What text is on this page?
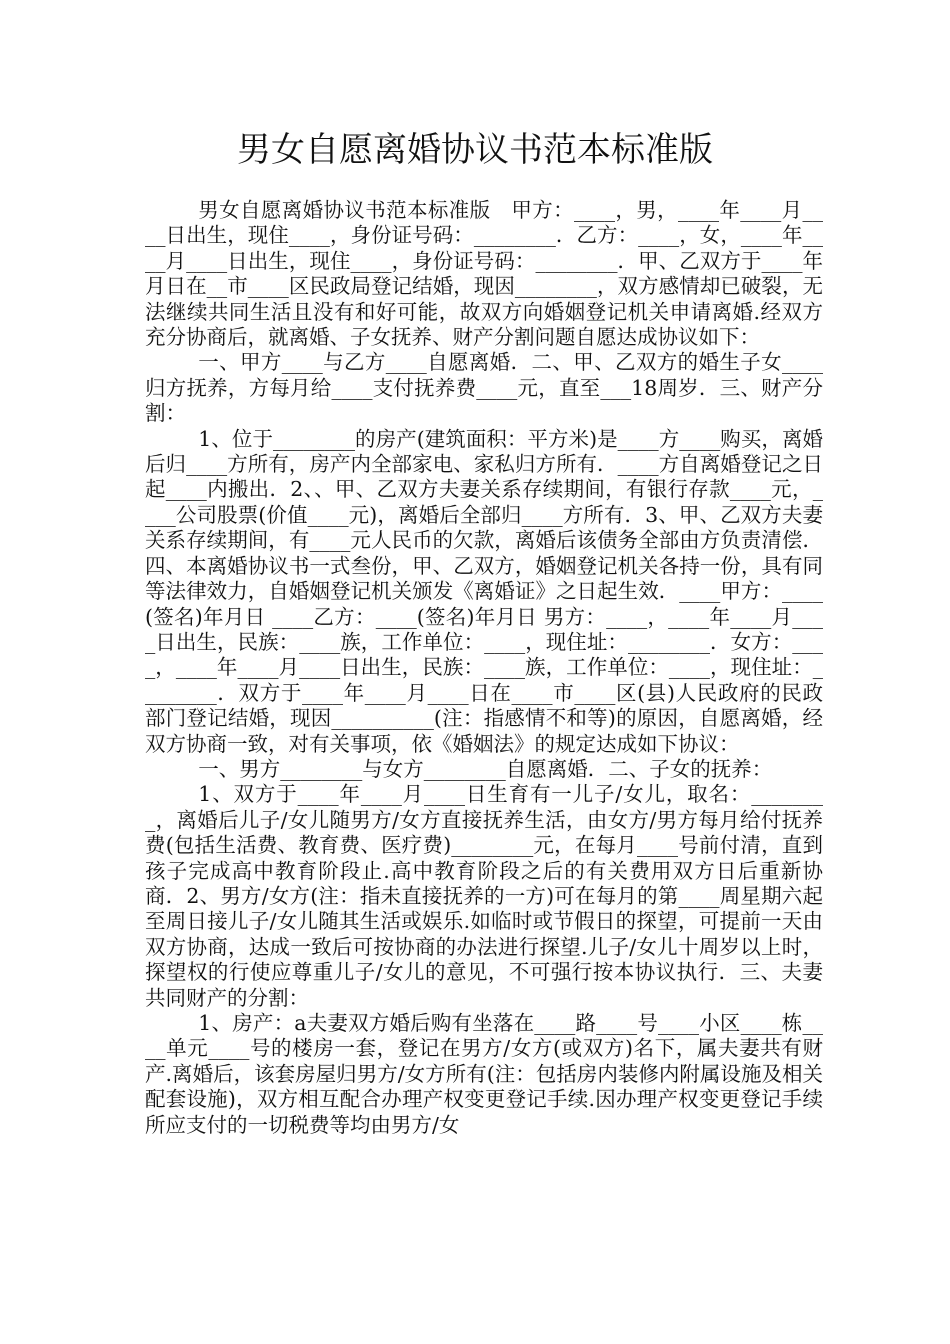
男女自愿离婚协议书范本标准版

男女自愿离婚协议书范本标准版　甲方：____，男，____年____月____日出生，现住____，身份证号码：________．乙方：____，女，____年____月____日出生，现住____，身份证号码：________．甲、乙双方于____年月日在__市____区民政局登记结婚，现因________，双方感情却已破裂，无法继续共同生活且没有和好可能，故双方向婚姻登记机关申请离婚.经双方充分协商后，就离婚、子女抚养、财产分割问题自愿达成协议如下：

一、甲方____与乙方____自愿离婚．二、甲、乙双方的婚生子女____归方抚养，方每月给____支付抚养费____元，直至___18周岁．三、财产分割：

1、位于________的房产(建筑面积：平方米)是____方____购买，离婚后归____方所有，房产内全部家电、家私归方所有．____方自离婚登记之日起____内搬出．2、、甲、乙双方夫妻关系存续期间，有银行存款____元，____公司股票(价值____元)，离婚后全部归____方所有．3、甲、乙双方夫妻关系存续期间，有____元人民币的欠款，离婚后该债务全部由方负责清偿．四、本离婚协议书一式叁份，甲、乙双方，婚姻登记机关各持一份，具有同等法律效力，自婚姻登记机关颁发《离婚证》之日起生效．____甲方：____(签名)年月日 ____乙方：____(签名)年月日 男方：____，____年____月____日出生，民族：____族，工作单位：____，现住址：________．女方：____，____年____月____日出生，民族：____族，工作单位：____，现住址：________．双方于____年____月____日在____市____区(县)人民政府的民政部门登记结婚，现因__________(注：指感情不和等)的原因，自愿离婚，经双方协商一致，对有关事项，依《婚姻法》的规定达成如下协议：

一、男方________与女方________自愿离婚．二、子女的抚养：

1、双方于____年____月____日生育有一儿子/女儿，取名：________，离婚后儿子/女儿随男方/女方直接抚养生活，由女方/男方每月给付抚养费(包括生活费、教育费、医疗费)________元，在每月____号前付清，直到孩子完成高中教育阶段止.高中教育阶段之后的有关费用双方日后重新协商．2、男方/女方(注：指未直接抚养的一方)可在每月的第____周星期六起至周日接儿子/女儿随其生活或娱乐.如临时或节假日的探望，可提前一天由双方协商，达成一致后可按协商的办法进行探望.儿子/女儿十周岁以上时，探望权的行使应尊重儿子/女儿的意见，不可强行按本协议执行．三、夫妻共同财产的分割：

1、房产：a夫妻双方婚后购有坐落在____路____号____小区____栋____单元____号的楼房一套，登记在男方/女方(或双方)名下，属夫妻共有财产.离婚后，该套房屋归男方/女方所有(注：包括房内装修内附属设施及相关配套设施)，双方相互配合办理产权变更登记手续.因办理产权变更登记手续所应支付的一切税费等均由男方/女
